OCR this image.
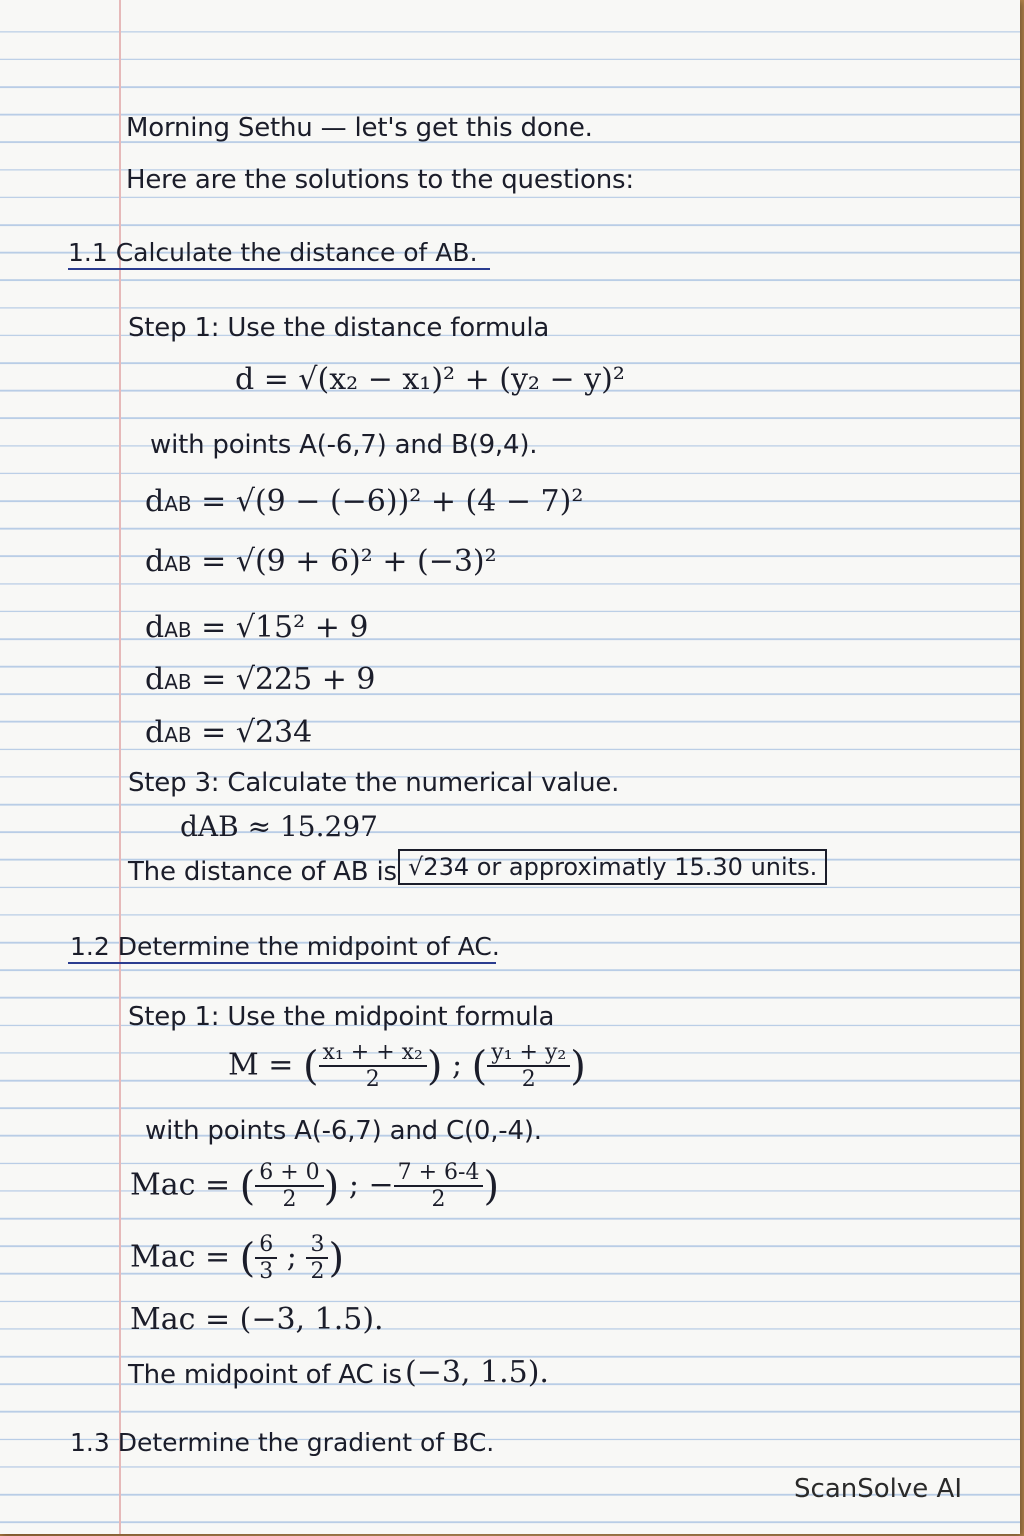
Morning Sethu — let's get this done.
Here are the solutions to the questions:
1.1 Calculate the distance of AB.
Step 1: Use the distance formula
d = √(x₂ − x₁)² + (y₂ − y)²
with points A(-6,7) and B(9,4).
dAB = √(9 − (−6))² + (4 − 7)²
dAB = √(9 + 6)² + (−3)²
dAB = √15² + 9
dAB = √225 + 9
dAB = √234
Step 3: Calculate the numerical value.
dAB ≈ 15.297
The distance of AB is √234 or approximatly 15.30 units.
1.2 Determine the midpoint of AC.
Step 1: Use the midpoint formula
M = ( $\frac{\text{x₁ + + x₂}}{2}$ ) ; ( $\frac{\text{y₁ + y₂}}{2}$ )
with points A(-6,7) and C(0,-4).
Mac = ( $\frac{6 + 0}{2}$ ) ; − $\frac{7 + 6-4}{2}$ )
Mac = ( $\frac{6}{3}$ ; $\frac{3}{2}$ )
Mac = (−3, 1.5).
The midpoint of AC is (−3, 1.5).
1.3 Determine the gradient of BC.
ScanSolve AI
